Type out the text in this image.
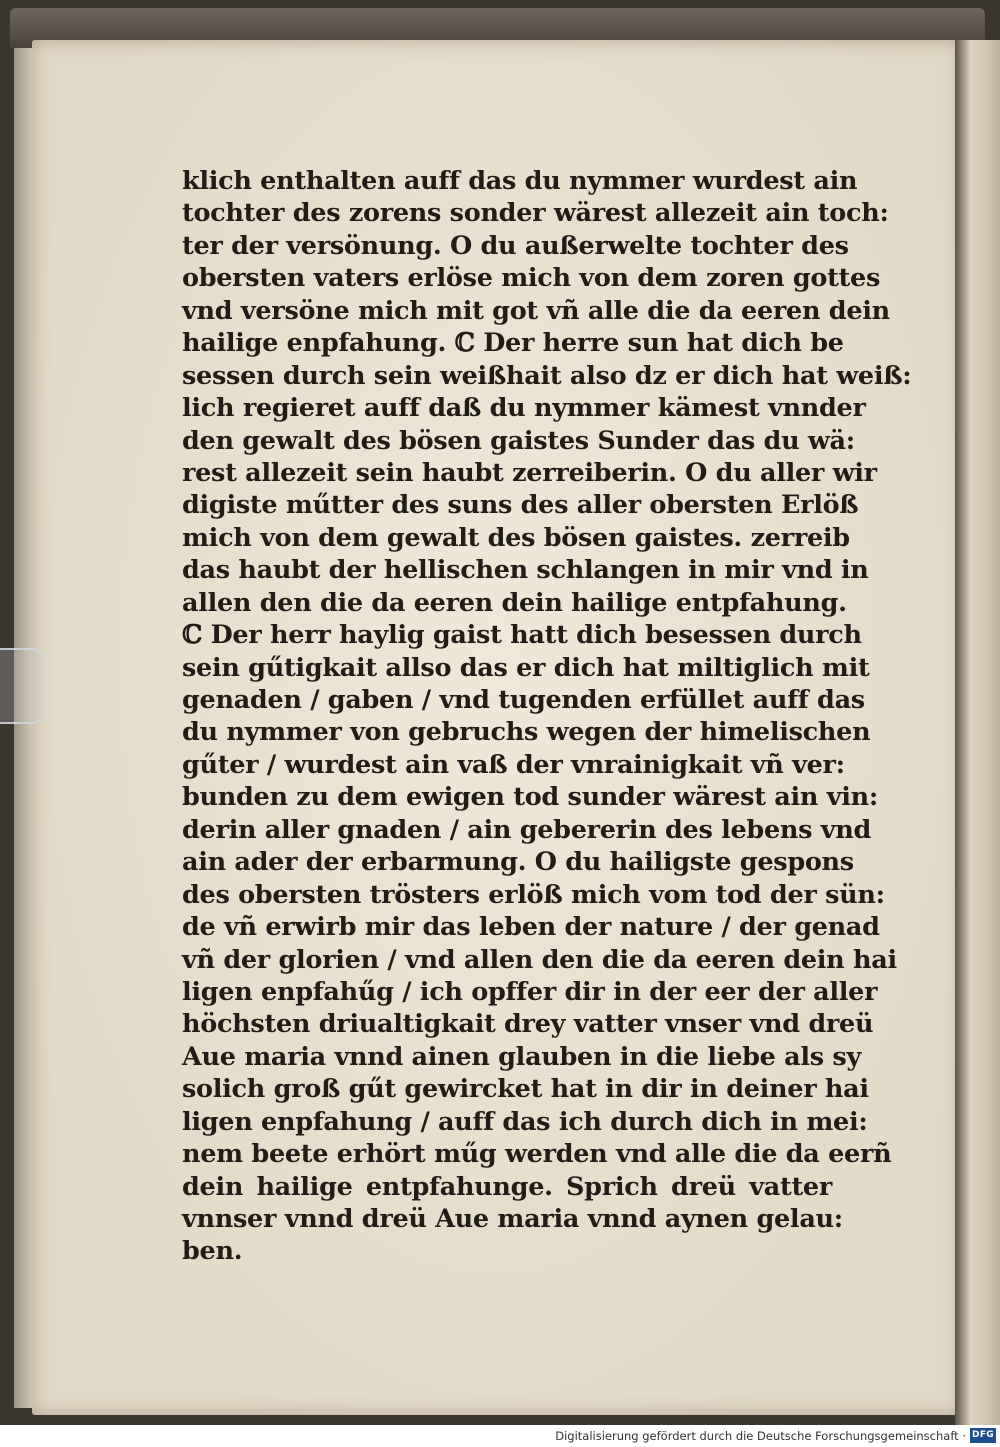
klich enthalten auff das du nymmer wurdest ain
tochter des zorens sonder wärest allezeit ain toch:
ter der versönung. O du außerwelte tochter des
obersten vaters erlöse mich von dem zoren gottes
vnd versöne mich mit got vñ alle die da eeren dein
hailige enpfahung. ℂ Der herre sun hat dich be
sessen durch sein weißhait also dz er dich hat weiß:
lich regieret auff daß du nymmer kämest vnnder
den gewalt des bösen gaistes Sunder das du wä:
rest allezeit sein haubt zerreiberin. O du aller wir
digiste műtter des suns des aller obersten Erlöß
mich von dem gewalt des bösen gaistes. zerreib
das haubt der hellischen schlangen in mir vnd in
allen den die da eeren dein hailige entpfahung.
ℂ Der herr haylig gaist hatt dich besessen durch
sein gűtigkait allso das er dich hat miltiglich mit
genaden / gaben / vnd tugenden erfüllet auff das
du nymmer von gebruchs wegen der himelischen
gűter / wurdest ain vaß der vnrainigkait vñ ver:
bunden zu dem ewigen tod sunder wärest ain vin:
derin aller gnaden / ain gebererin des lebens vnd
ain ader der erbarmung. O du hailigste gespons
des obersten trösters erlöß mich vom tod der sün:
de vñ erwirb mir das leben der nature / der genad
vñ der glorien / vnd allen den die da eeren dein hai
ligen enpfahűg / ich opffer dir in der eer der aller
höchsten driualtigkait drey vatter vnser vnd dreü
Aue maria vnnd ainen glauben in die liebe als sy
solich groß gűt gewircket hat in dir in deiner hai
ligen enpfahung / auff das ich durch dich in mei:
nem beete erhört műg werden vnd alle die da eerñ
dein hailige entpfahunge. Sprich dreü vatter
vnnser vnnd dreü Aue maria vnnd aynen gelau:
ben.
Digitalisierung gefördert durch die Deutsche Forschungsgemeinschaft · DFG
